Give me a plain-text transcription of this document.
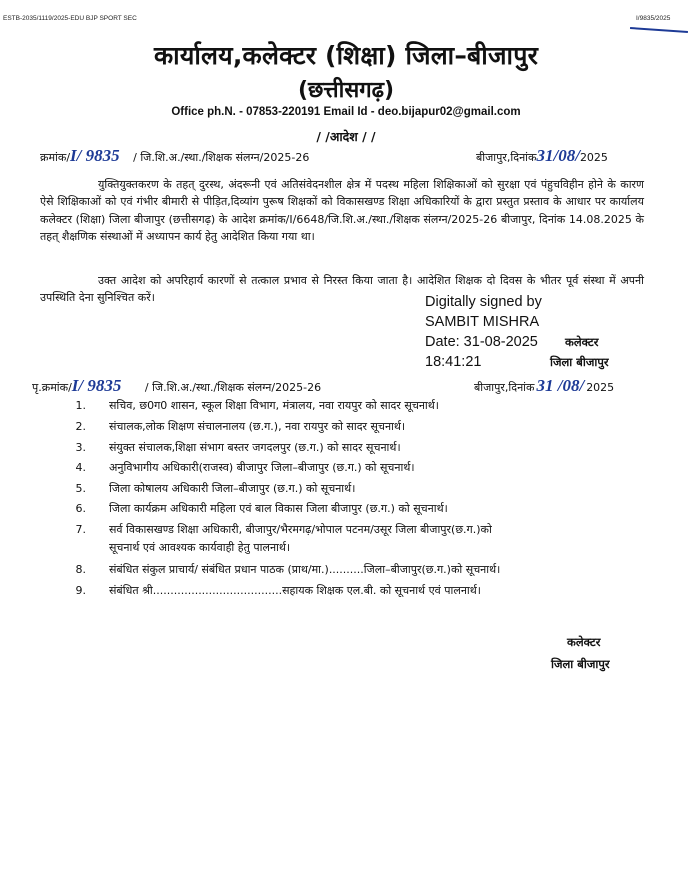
ESTB-2035/1119/2025-EDU BJP SPORT SEC	I/9835/2025
कार्यालय,कलेक्टर (शिक्षा) जिला–बीजापुर
(छत्तीसगढ़)
Office ph.N. - 07853-220191 Email Id - deo.bijapur02@gmail.com
/ /आदेश / /
क्रमांक/I/ 9835 / जि.शि.अ./स्था./शिक्षक संलग्न/2025-26	बीजापुर,दिनांक31/08/2025
युक्तियुक्तकरण के तहत् दुरस्थ, अंदरूनी एवं अतिसंवेदनशील क्षेत्र में पदस्थ महिला शिक्षिकाओं को सुरक्षा एवं पंहुचविहीन होने के कारण ऐसे शिक्षिकाओं को एवं गंभीर बीमारी से पीड़ित,दिव्यांग पुरूष शिक्षकों को विकासखण्ड शिक्षा अधिकारियों के द्वारा प्रस्तुत प्रस्ताव के आधार पर कार्यालय कलेक्टर (शिक्षा) जिला बीजापुर (छत्तीसगढ़) के आदेश क्रमांक/I/6648/जि.शि.अ./स्था./शिक्षक संलग्न/2025-26 बीजापुर, दिनांक 14.08.2025 के तहत् शैक्षणिक संस्थाओं में अध्यापन कार्य हेतु आदेशित किया गया था।
उक्त आदेश को अपरिहार्य कारणों से तत्काल प्रभाव से निरस्त किया जाता है। आदेशित शिक्षक दो दिवस के भीतर पूर्व संस्था में अपनी उपस्थिति देना सुनिश्चित करें।	Digitally signed by
SAMBIT MISHRA
Date: 31-08-2025
18:41:21
कलेक्टर
जिला बीजापुर
पृ.क्रमांक/I/ 9835 / जि.शि.अ./स्था./शिक्षक संलग्न/2025-26	बीजापुर,दिनांक 31 /08/ 2025
1. सचिव, छ0ग0 शासन, स्कूल शिक्षा विभाग, मंत्रालय, नवा रायपुर को सादर सूचनार्थ।
2. संचालक,लोक शिक्षण संचालनालय (छ.ग.), नवा रायपुर को सादर सूचनार्थ।
3. संयुक्त संचालक,शिक्षा संभाग बस्तर जगदलपुर (छ.ग.) को सादर सूचनार्थ।
4. अनुविभागीय अधिकारी(राजस्व) बीजापुर जिला–बीजापुर (छ.ग.) को सूचनार्थ।
5. जिला कोषालय अधिकारी जिला–बीजापुर (छ.ग.) को सूचनार्थ।
6. जिला कार्यक्रम अधिकारी महिला एवं बाल विकास जिला बीजापुर (छ.ग.) को सूचनार्थ।
7. सर्व विकासखण्ड शिक्षा अधिकारी, बीजापुर/भैरमगढ़/भोपाल पटनम/उसूर जिला बीजापुर(छ.ग.)को
सूचनार्थ एवं आवश्यक कार्यवाही हेतु पालनार्थ।
8. संबंधित संकुल प्राचार्य/ संबंधित प्रधान पाठक (प्राथ/मा.)..........जिला–बीजापुर(छ.ग.)को सूचनार्थ।
9. संबंधित श्री.....................................सहायक शिक्षक एल.बी. को सूचनार्थ एवं पालनार्थ।
कलेक्टर
जिला बीजापुर
